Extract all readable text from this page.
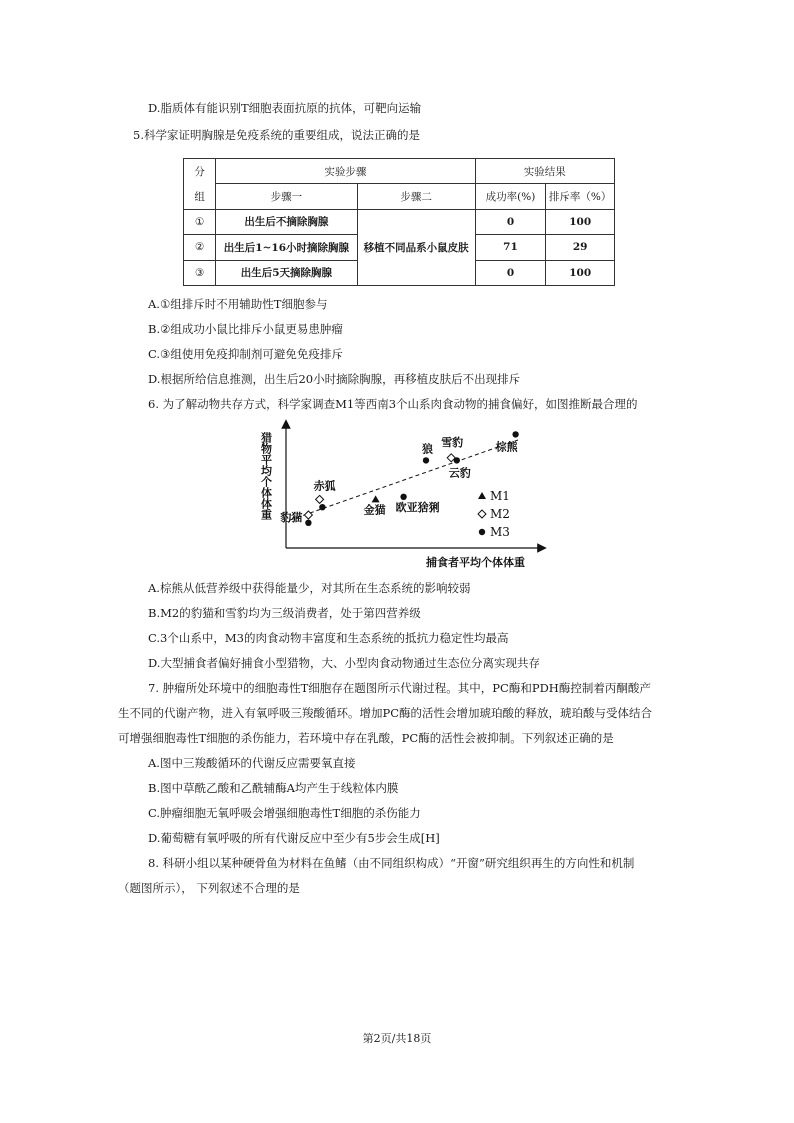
D.脂质体有能识别T细胞表面抗原的抗体，可靶向运输
5.科学家证明胸腺是免疫系统的重要组成，说法正确的是
分	实验步骤		实验结果	
组	步骤一	步骤二	成功率(%)	排斥率（%）
①	出生后不摘除胸腺	移植不同品系小鼠皮肤	0	100
②	出生后1~16小时摘除胸腺		71	29
③	出生后5天摘除胸腺		0	100
A.①组排斥时不用辅助性T细胞参与
B.②组成功小鼠比排斥小鼠更易患肿瘤
C.③组使用免疫抑制剂可避免免疫排斥
D.根据所给信息推测，出生后20小时摘除胸腺，再移植皮肤后不出现排斥
6. 为了解动物共存方式，科学家调查M1等西南3个山系肉食动物的捕食偏好，如图推断最合理的
猎物平均个体体重
捕食者平均个体体重
赤狐
豹猫
金猫 欧亚猞猁
狼
雪豹
云豹
棕熊
M1
M2
M3
A.棕熊从低营养级中获得能量少，对其所在生态系统的影响较弱
B.M2的豹猫和雪豹均为三级消费者，处于第四营养级
C.3个山系中，M3的肉食动物丰富度和生态系统的抵抗力稳定性均最高
D.大型捕食者偏好捕食小型猎物，大、小型肉食动物通过生态位分离实现共存
7. 肿瘤所处环境中的细胞毒性T细胞存在题图所示代谢过程。其中，PC酶和PDH酶控制着丙酮酸产
生不同的代谢产物，进入有氧呼吸三羧酸循环。增加PC酶的活性会增加琥珀酸的释放，琥珀酸与受体结合
可增强细胞毒性T细胞的杀伤能力，若环境中存在乳酸，PC酶的活性会被抑制。下列叙述正确的是
A.图中三羧酸循环的代谢反应需要氧直接
B.图中草酰乙酸和乙酰辅酶A均产生于线粒体内膜
C.肿瘤细胞无氧呼吸会增强细胞毒性T细胞的杀伤能力
D.葡萄糖有氧呼吸的所有代谢反应中至少有5步会生成[H]
8. 科研小组以某种硬骨鱼为材料在鱼鳍（由不同组织构成）“开窗”研究组织再生的方向性和机制
（题图所示）， 下列叙述不合理的是
第2页/共18页
